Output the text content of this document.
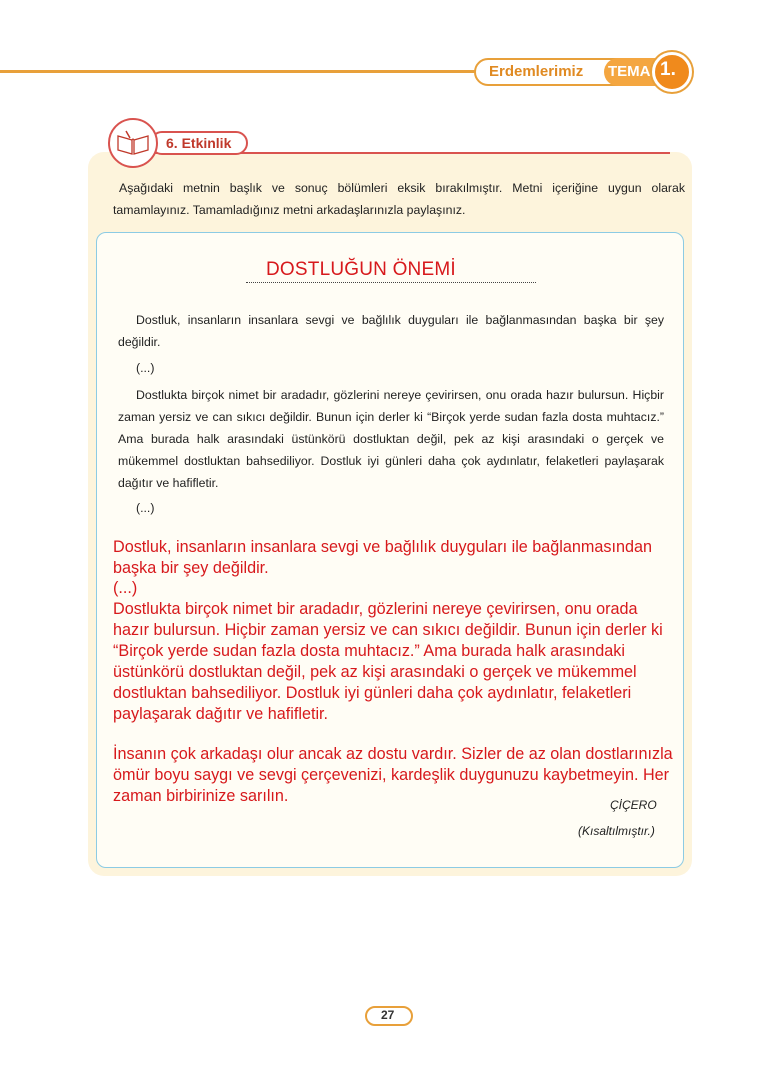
Erdemlerimiz TEMA 1.
6. Etkinlik
Aşağıdaki metnin başlık ve sonuç bölümleri eksik bırakılmıştır. Metni içeriğine uygun olarak tamamlayınız. Tamamladığınız metni arkadaşlarınızla paylaşınız.
DOSTLUĞUN ÖNEMİ
Dostluk, insanların insanlara sevgi ve bağlılık duyguları ile bağlanmasından başka bir şey değildir.
(...)
Dostlukta birçok nimet bir aradadır, gözlerini nereye çevirirsen, onu orada hazır bulursun. Hiçbir zaman yersiz ve can sıkıcı değildir. Bunun için derler ki “Birçok yerde sudan fazla dosta muhtacız.” Ama burada halk arasındaki üstünkörü dostluktan değil, pek az kişi arasındaki o gerçek ve mükemmel dostluktan bahsediliyor. Dostluk iyi günleri daha çok aydınlatır, felaketleri paylaşarak dağıtır ve hafifletir.
(...)
Dostluk, insanların insanlara sevgi ve bağlılık duyguları ile bağlanmasından başka bir şey değildir.
(...)
Dostlukta birçok nimet bir aradadır, gözlerini nereye çevirirsen, onu orada hazır bulursun. Hiçbir zaman yersiz ve can sıkıcı değildir. Bunun için derler ki “Birçok yerde sudan fazla dosta muhtacız.” Ama burada halk arasındaki üstünkörü dostluktan değil, pek az kişi arasındaki o gerçek ve mükemmel dostluktan bahsediliyor. Dostluk iyi günleri daha çok aydınlatır, felaketleri paylaşarak dağıtır ve hafifletir.
İnsanın çok arkadaşı olur ancak az dostu vardır. Sizler de az olan dostlarınızla ömür boyu saygı ve sevgi çerçevenizi, kardeşlik duygunuzu kaybetmeyin. Her zaman birbirinize sarılın.	ÇİÇERO
(Kısaltılmıştır.)
27
